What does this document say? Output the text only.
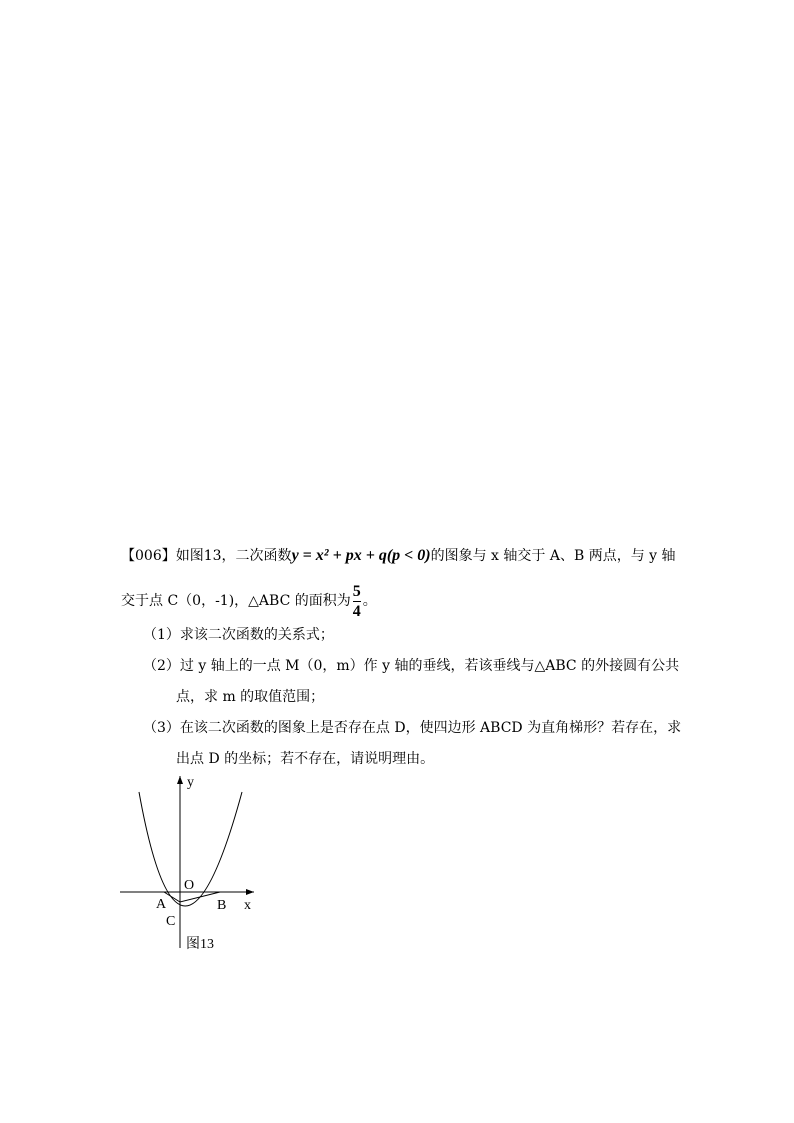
【006】如图13，二次函数y = x² + px + q(p < 0)的图象与 x 轴交于 A、B 两点，与 y 轴
交于点 C（0，-1)，△ABC 的面积为 $\frac{5}{4}$ 。
（1）求该二次函数的关系式；
（2）过 y 轴上的一点 M（0，m）作 y 轴的垂线，若该垂线与△ABC 的外接圆有公共
点，求 m 的取值范围；
（3）在该二次函数的图象上是否存在点 D，使四边形 ABCD 为直角梯形？若存在，求
出点 D 的坐标；若不存在，请说明理由。
y
O
A	B x
C
图13
